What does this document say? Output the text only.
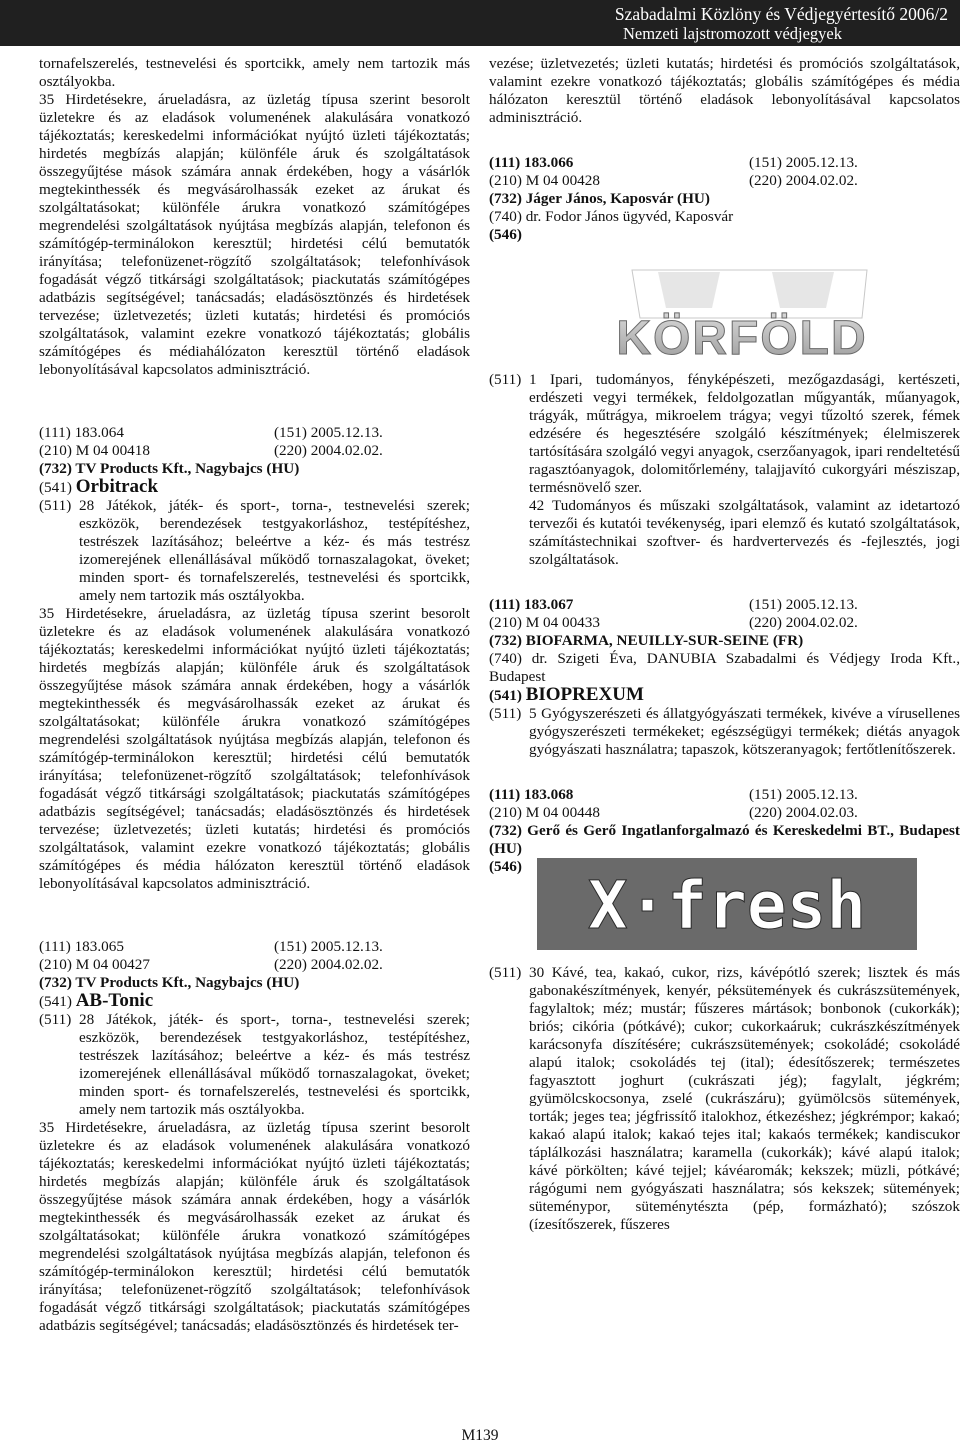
Szabadalmi Közlöny és Védjegyértesítő 2006/2
Nemzeti lajstromozott védjegyek
tornafelszerelés, testnevelési és sportcikk, amely nem tartozik más osztályokba.
35 Hirdetésekre, árueladásra, az üzletág típusa szerint besorolt üzletekre és az eladások volumenének alakulására vonatkozó tájékoztatás; kereskedelmi információkat nyújtó üzleti tájékoztatás; hirdetés megbízás alapján; különféle áruk és szolgáltatások összegyűjtése mások számára annak érdekében, hogy a vásárlók megtekinthessék és megvásárolhassák ezeket az árukat és szolgáltatásokat; különféle árukra vonatkozó számítógépes megrendelési szolgáltatások nyújtása megbízás alapján, telefonon és számítógép-terminálokon keresztül; hirdetési célú bemutatók irányítása; telefonüzenet-rögzítő szolgáltatások; telefonhívások fogadását végző titkársági szolgáltatások; piackutatás számítógépes adatbázis segítségével; tanácsadás; eladásösztönzés és hirdetések tervezése; üzletvezetés; üzleti kutatás; hirdetési és promóciós szolgáltatások, valamint ezekre vonatkozó tájékoztatás; globális számítógépes és médiahálózaton keresztül történő eladások lebonyolításával kapcsolatos adminisztráció.
(111) 183.064	(151) 2005.12.13.
(210) M 04 00418	(220) 2004.02.02.
(732) TV Products Kft., Nagybajcs (HU)
(541) Orbitrack
(511) 28 Játékok, játék- és sport-, torna-, testnevelési szerek; eszközök, berendezések testgyakorláshoz, testépítéshez, testrészek lazításához; beleértve a kéz- és más testrész izomerejének ellenállásával működő tornaszalagokat, öveket; minden sport- és tornafelszerelés, testnevelési és sportcikk, amely nem tartozik más osztályokba.
35 Hirdetésekre, árueladásra, az üzletág típusa szerint besorolt üzletekre és az eladások volumenének alakulására vonatkozó tájékoztatás; kereskedelmi információkat nyújtó üzleti tájékoztatás; hirdetés megbízás alapján; különféle áruk és szolgáltatások összegyűjtése mások számára annak érdekében, hogy a vásárlók megtekinthessék és megvásárolhassák ezeket az árukat és szolgáltatásokat; különféle árukra vonatkozó számítógépes megrendelési szolgáltatások nyújtása megbízás alapján, telefonon és számítógép-terminálokon keresztül; hirdetési célú bemutatók irányítása; telefonüzenet-rögzítő szolgáltatások; telefonhívások fogadását végző titkársági szolgáltatások; piackutatás számítógépes adatbázis segítségével; tanácsadás; eladásösztönzés és hirdetések tervezése; üzletvezetés; üzleti kutatás; hirdetési és promóciós szolgáltatások, valamint ezekre vonatkozó tájékoztatás; globális számítógépes és média hálózaton keresztül történő eladások lebonyolításával kapcsolatos adminisztráció.
(111) 183.065	(151) 2005.12.13.
(210) M 04 00427	(220) 2004.02.02.
(732) TV Products Kft., Nagybajcs (HU)
(541) AB-Tonic
(511) 28 Játékok, játék- és sport-, torna-, testnevelési szerek; eszközök, berendezések testgyakorláshoz, testépítéshez, testrészek lazításához; beleértve a kéz- és más testrész izomerejének ellenállásával működő tornaszalagokat, öveket; minden sport- és tornafelszerelés, testnevelési és sportcikk, amely nem tartozik más osztályokba.
35 Hirdetésekre, árueladásra, az üzletág típusa szerint besorolt üzletekre és az eladások volumenének alakulására vonatkozó tájékoztatás; kereskedelmi információkat nyújtó üzleti tájékoztatás; hirdetés megbízás alapján; különféle áruk és szolgáltatások összegyűjtése mások számára annak érdekében, hogy a vásárlók megtekinthessék és megvásárolhassák ezeket az árukat és szolgáltatásokat; különféle árukra vonatkozó számítógépes megrendelési szolgáltatások nyújtása megbízás alapján, telefonon és számítógép-terminálokon keresztül; hirdetési célú bemutatók irányítása; telefonüzenet-rögzítő szolgáltatások; telefonhívások fogadását végző titkársági szolgáltatások; piackutatás számítógépes adatbázis segítségével; tanácsadás; eladásösztönzés és hirdetések ter-
vezése; üzletvezetés; üzleti kutatás; hirdetési és promóciós szolgáltatások, valamint ezekre vonatkozó tájékoztatás; globális számítógépes és média hálózaton keresztül történő eladások lebonyolításával kapcsolatos adminisztráció.
(111) 183.066	(151) 2005.12.13.
(210) M 04 00428	(220) 2004.02.02.
(732) Jáger János, Kaposvár (HU)
(740) dr. Fodor János ügyvéd, Kaposvár
(546)
KÖRFÖLD
(511) 1 Ipari, tudományos, fényképészeti, mezőgazdasági, kertészeti, erdészeti vegyi termékek, feldolgozatlan műgyanták, műanyagok, trágyák, műtrágya, mikroelem trágya; vegyi tűzoltó szerek, fémek edzésére és hegesztésére szolgáló készítmények; élelmiszerek tartósítására szolgáló vegyi anyagok, cserzőanyagok, ipari rendeltetésű ragasztóanyagok, dolomitőrlemény, talajjavító cukorgyári mésziszap, termésnövelő szer.
42 Tudományos és műszaki szolgáltatások, valamint az idetartozó tervezői és kutatói tevékenység, ipari elemző és kutató szolgáltatások, számítástechnikai szoftver- és hardvertervezés és -fejlesztés, jogi szolgáltatások.
(111) 183.067	(151) 2005.12.13.
(210) M 04 00433	(220) 2004.02.02.
(732) BIOFARMA, NEUILLY-SUR-SEINE (FR)
(740) dr. Szigeti Éva, DANUBIA Szabadalmi és Védjegy Iroda Kft., Budapest
(541) BIOPREXUM
(511) 5 Gyógyszerészeti és állatgyógyászati termékek, kivéve a vírusellenes gyógyszerészeti termékeket; egészségügyi termékek; diétás anyagok gyógyászati használatra; tapaszok, kötszeranyagok; fertőtlenítőszerek.
(111) 183.068	(151) 2005.12.13.
(210) M 04 00448	(220) 2004.02.03.
(732) Gerő és Gerő Ingatlanforgalmazó és Kereskedelmi BT., Budapest (HU)
(546)
X·fresh
(511) 30 Kávé, tea, kakaó, cukor, rizs, kávépótló szerek; lisztek és más gabonakészítmények, kenyér, péksütemények és cukrászsütemények, fagylaltok; méz; mustár; fűszeres mártások; bonbonok (cukorkák); briós; cikória (pótkávé); cukor; cukorkaáruk; cukrászkészítmények karácsonyfa díszítésére; cukrászsütemények; csokoládé; csokoládé alapú italok; csokoládés tej (ital); édesítőszerek; természetes fagyasztott joghurt (cukrászati jég); fagylalt, jégkrém; gyümölcskocsonya, zselé (cukrászáru); gyümölcsös sütemények, torták; jeges tea; jégfrissítő italokhoz, étkezéshez; jégkrémpor; kakaó; kakaó alapú italok; kakaó tejes ital; kakaós termékek; kandiscukor táplálkozási használatra; karamella (cukorkák); kávé alapú italok; kávé pörkölten; kávé tejjel; kávéaromák; kekszek; müzli, pótkávé; rágógumi nem gyógyászati használatra; sós kekszek; sütemények; süteménypor, süteménytészta (pép, formázható); szószok (ízesítőszerek, fűszeres
M139
